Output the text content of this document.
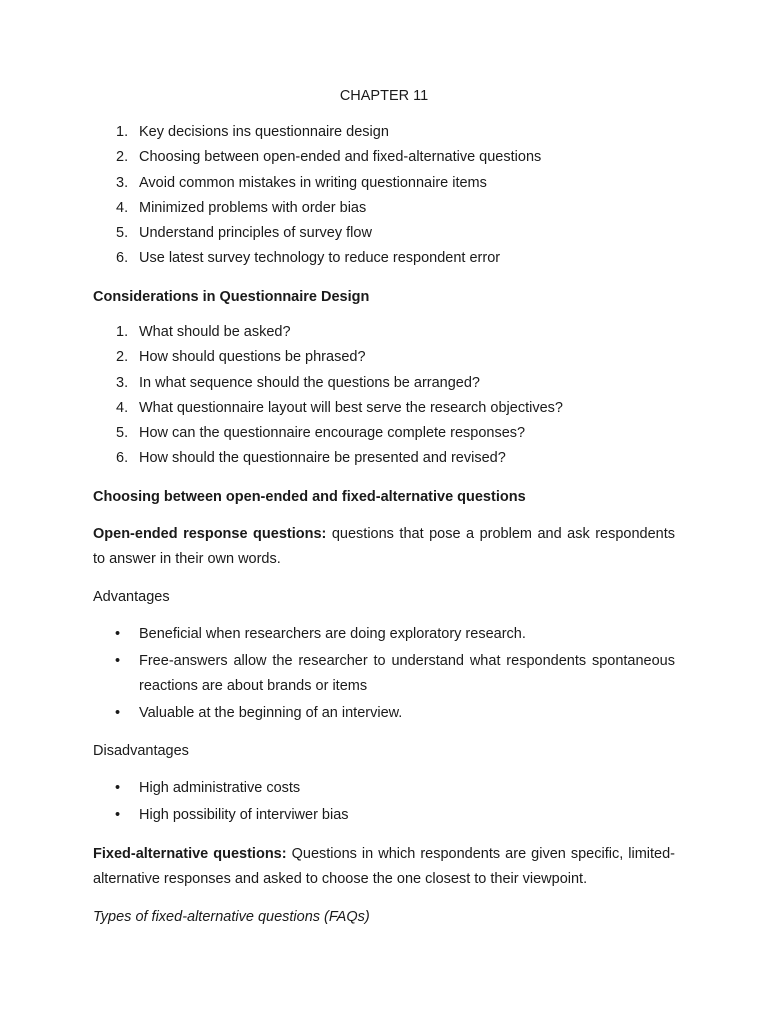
CHAPTER 11
1. Key decisions ins questionnaire design
2. Choosing between open-ended and fixed-alternative questions
3. Avoid common mistakes in writing questionnaire items
4. Minimized problems with order bias
5. Understand principles of survey flow
6. Use latest survey technology to reduce respondent error
Considerations in Questionnaire Design
1. What should be asked?
2. How should questions be phrased?
3. In what sequence should the questions be arranged?
4. What questionnaire layout will best serve the research objectives?
5. How can the questionnaire encourage complete responses?
6. How should the questionnaire be presented and revised?
Choosing between open-ended and fixed-alternative questions
Open-ended response questions: questions that pose a problem and ask respondents to answer in their own words.
Advantages
•	Beneficial when researchers are doing exploratory research.
•	Free-answers allow the researcher to understand what respondents spontaneous reactions are about brands or items
•	Valuable at the beginning of an interview.
Disadvantages
•	High administrative costs
•	High possibility of interviwer bias
Fixed-alternative questions: Questions in which respondents are given specific, limited-alternative responses and asked to choose the one closest to their viewpoint.
Types of fixed-alternative questions (FAQs)
